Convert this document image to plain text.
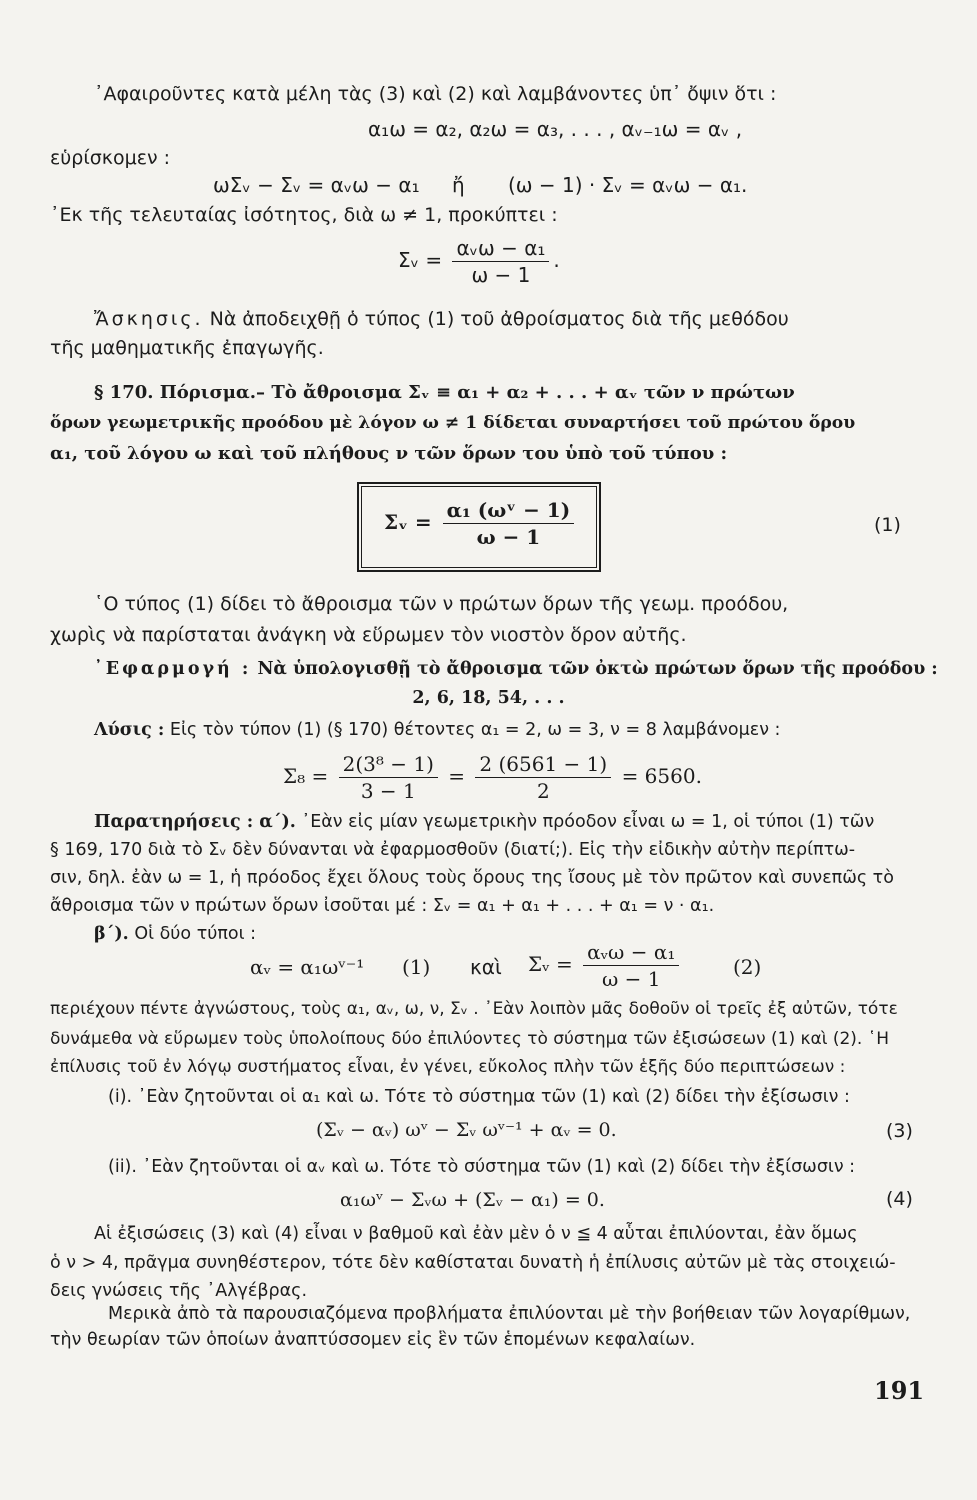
᾿Αφαιροῦντες κατὰ μέλη τὰς (3) καὶ (2) καὶ λαμβάνοντες ὑπ᾿ ὄψιν ὅτι :
α₁ω = α₂, α₂ω = α₃, . . . , αᵥ₋₁ω = αᵥ ,
εὑρίσκομεν :
ωΣᵥ − Σᵥ = αᵥω − α₁ ἤ (ω − 1) · Σᵥ = αᵥω − α₁.
᾿Εκ τῆς τελευταίας ἰσότητος, διὰ ω ≠ 1, προκύπτει :
Σᵥ = $\frac{\text{αᵥω − α₁}}{\omega - 1}$ .
Ἄσκησις. Νὰ ἀποδειχθῇ ὁ τύπος (1) τοῦ ἀθροίσματος διὰ τῆς μεθόδου
τῆς μαθηματικῆς ἐπαγωγῆς.
§ 170. Πόρισμα.– Τὸ ἄθροισμα Σᵥ ≡ α₁ + α₂ + . . . + αᵥ τῶν ν πρώτων
ὅρων γεωμετρικῆς προόδου μὲ λόγον ω ≠ 1 δίδεται συναρτήσει τοῦ πρώτου ὅρου
α₁, τοῦ λόγου ω καὶ τοῦ πλήθους ν τῶν ὅρων του ὑπὸ τοῦ τύπου :
Σᵥ = $\frac{\text{α₁ (ωᵛ − 1)}}{\omega - 1}$	(1)
῾Ο τύπος (1) δίδει τὸ ἄθροισμα τῶν ν πρώτων ὅρων τῆς γεωμ. προόδου,
χωρὶς νὰ παρίσταται ἀνάγκη νὰ εὕρωμεν τὸν νιοστὸν ὅρον αὐτῆς.
᾿Εφαρμογή : Νὰ ὑπολογισθῇ τὸ ἄθροισμα τῶν ὀκτὼ πρώτων ὅρων τῆς προόδου :
2, 6, 18, 54, . . .
Λύσις : Εἰς τὸν τύπον (1) (§ 170) θέτοντες α₁ = 2, ω = 3, ν = 8 λαμβάνομεν :
$\Sigma_8 = \frac{\text{2(3⁸ − 1)}}{3 - 1} = \frac{2 (6561 - 1)}{2} = 6560$.
Παρατηρήσεις : α΄). ᾿Εὰν εἰς μίαν γεωμετρικὴν πρόοδον εἶναι ω = 1, οἱ τύποι (1) τῶν
§ 169, 170 διὰ τὸ Σᵥ δὲν δύνανται νὰ ἐφαρμοσθοῦν (διατί;). Εἰς τὴν εἰδικὴν αὐτὴν περίπτω-
σιν, δηλ. ἐὰν ω = 1, ἡ πρόοδος ἔχει ὅλους τοὺς ὅρους της ἴσους μὲ τὸν πρῶτον καὶ συνεπῶς τὸ
ἄθροισμα τῶν ν πρώτων ὅρων ἰσοῦται μέ : Σᵥ = α₁ + α₁ + . . . + α₁ = ν · α₁.
β΄). Οἱ δύο τύποι :
αᵥ = α₁ωᵛ⁻¹ (1) καὶ Σᵥ = $\frac{\text{αᵥω − α₁}}{\omega - 1}$	(2)
περιέχουν πέντε ἀγνώστους, τοὺς α₁, αᵥ, ω, ν, Σᵥ . ᾿Εὰν λοιπὸν μᾶς δοθοῦν οἱ τρεῖς ἐξ αὐτῶν, τότε
δυνάμεθα νὰ εὕρωμεν τοὺς ὑπολοίπους δύο ἐπιλύοντες τὸ σύστημα τῶν ἐξισώσεων (1) καὶ (2). ῾Η
ἐπίλυσις τοῦ ἐν λόγῳ συστήματος εἶναι, ἐν γένει, εὔκολος πλὴν τῶν ἑξῆς δύο περιπτώσεων :
(i). ᾿Εὰν ζητοῦνται οἱ α₁ καὶ ω. Τότε τὸ σύστημα τῶν (1) καὶ (2) δίδει τὴν ἐξίσωσιν :
(Σᵥ − αᵥ) ωᵛ − Σᵥ ωᵛ⁻¹ + αᵥ = 0.	(3)
(ii). ᾿Εὰν ζητοῦνται οἱ αᵥ καὶ ω. Τότε τὸ σύστημα τῶν (1) καὶ (2) δίδει τὴν ἐξίσωσιν :
α₁ωᵛ − Σᵥω + (Σᵥ − α₁) = 0.	(4)
Αἱ ἐξισώσεις (3) καὶ (4) εἶναι ν βαθμοῦ καὶ ἐὰν μὲν ὁ ν ≦ 4 αὗται ἐπιλύονται, ἐὰν ὅμως
ὁ ν > 4, πρᾶγμα συνηθέστερον, τότε δὲν καθίσταται δυνατὴ ἡ ἐπίλυσις αὐτῶν μὲ τὰς στοιχειώ-
δεις γνώσεις τῆς ᾿Αλγέβρας.
Μερικὰ ἀπὸ τὰ παρουσιαζόμενα προβλήματα ἐπιλύονται μὲ τὴν βοήθειαν τῶν λογαρίθμων,
τὴν θεωρίαν τῶν ὁποίων ἀναπτύσσομεν εἰς ἓν τῶν ἑπομένων κεφαλαίων.
191
